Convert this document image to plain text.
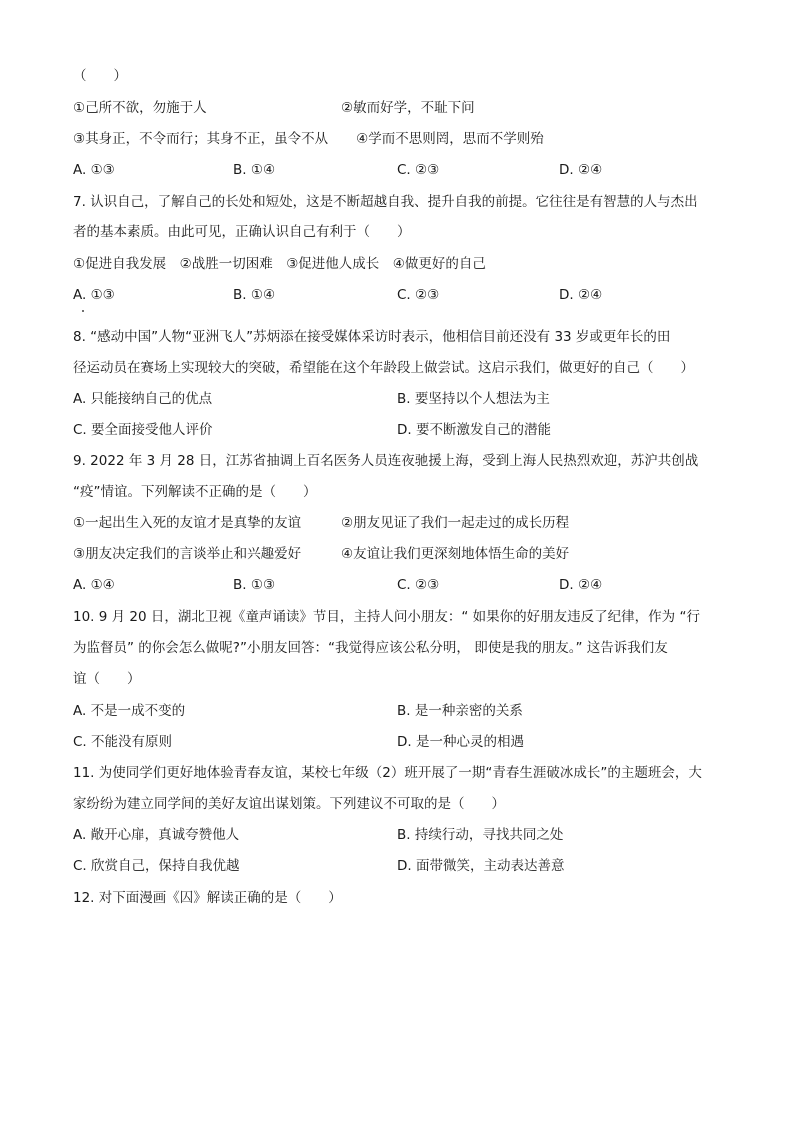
（　　）
①己所不欲，勿施于人	②敏而好学，不耻下问
③其身正，不令而行；其身不正，虽令不从 ④学而不思则罔，思而不学则殆
A. ①③	B. ①④	C. ②③	D. ②④
7. 认识自己，了解自己的长处和短处，这是不断超越自我、提升自我的前提。它往往是有智慧的人与杰出
者的基本素质。由此可见，正确认识自己有利于（　　）
①促进自我发展　②战胜一切困难　③促进他人成长　④做更好的自己
A. ①③	B. ①④	C. ②③	D. ②④
8. “感动中国”人物“亚洲飞人”苏炳添在接受媒体采访时表示，他相信目前还没有 33 岁或更年长的田
径运动员在赛场上实现较大的突破，希望能在这个年龄段上做尝试。这启示我们，做更好的自己（　　）
A. 只能接纳自己的优点	B. 要坚持以个人想法为主
C. 要全面接受他人评价	D. 要不断激发自己的潜能
9. 2022 年 3 月 28 日，江苏省抽调上百名医务人员连夜驰援上海，受到上海人民热烈欢迎，苏沪共创战
“疫”情谊。下列解读不正确的是（　　）
①一起出生入死的友谊才是真挚的友谊	②朋友见证了我们一起走过的成长历程
③朋友决定我们的言谈举止和兴趣爱好	④友谊让我们更深刻地体悟生命的美好
A. ①④	B. ①③	C. ②③	D. ②④
10. 9 月 20 日，湖北卫视《童声诵读》节目，主持人问小朋友：“ 如果你的好朋友违反了纪律，作为 “行
为监督员” 的你会怎么做呢?”小朋友回答：“我觉得应该公私分明， 即使是我的朋友。” 这告诉我们友
谊（　　）
A. 不是一成不变的	B. 是一种亲密的关系
C. 不能没有原则	D. 是一种心灵的相遇
11. 为使同学们更好地体验青春友谊，某校七年级（2）班开展了一期“青春生涯破冰成长”的主题班会，大
家纷纷为建立同学间的美好友谊出谋划策。下列建议不可取的是（　　）
A. 敞开心扉，真诚夸赞他人	B. 持续行动，寻找共同之处
C. 欣赏自己，保持自我优越	D. 面带微笑，主动表达善意
12. 对下面漫画《囚》解读正确的是（　　）
